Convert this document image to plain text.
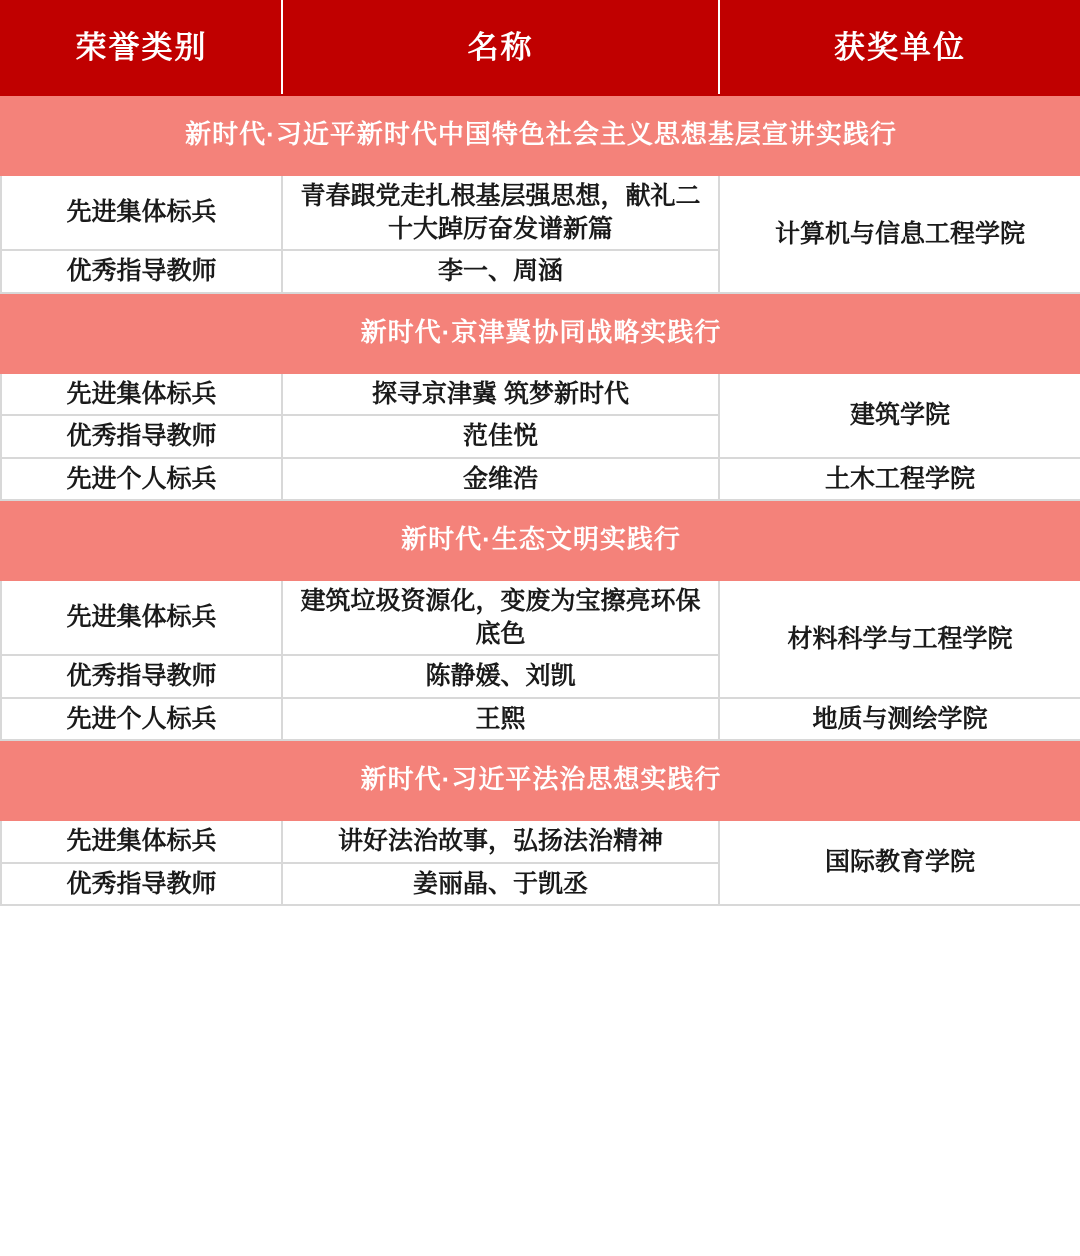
荣誉类别	名称	获奖单位
新时代·习近平新时代中国特色社会主义思想基层宣讲实践行		
先进集体标兵	青春跟党走扎根基层强思想，献礼二十大踔厉奋发谱新篇	计算机与信息工程学院
优秀指导教师	李一、周涵	
新时代·京津冀协同战略实践行		
先进集体标兵	探寻京津冀 筑梦新时代	建筑学院
优秀指导教师	范佳悦	
先进个人标兵	金维浩	土木工程学院
新时代·生态文明实践行		
先进集体标兵	建筑垃圾资源化，变废为宝擦亮环保底色	材料科学与工程学院
优秀指导教师	陈静媛、刘凯	
先进个人标兵	王熙	地质与测绘学院
新时代·习近平法治思想实践行		
先进集体标兵	讲好法治故事，弘扬法治精神	国际教育学院
优秀指导教师	姜丽晶、于凯丞	
